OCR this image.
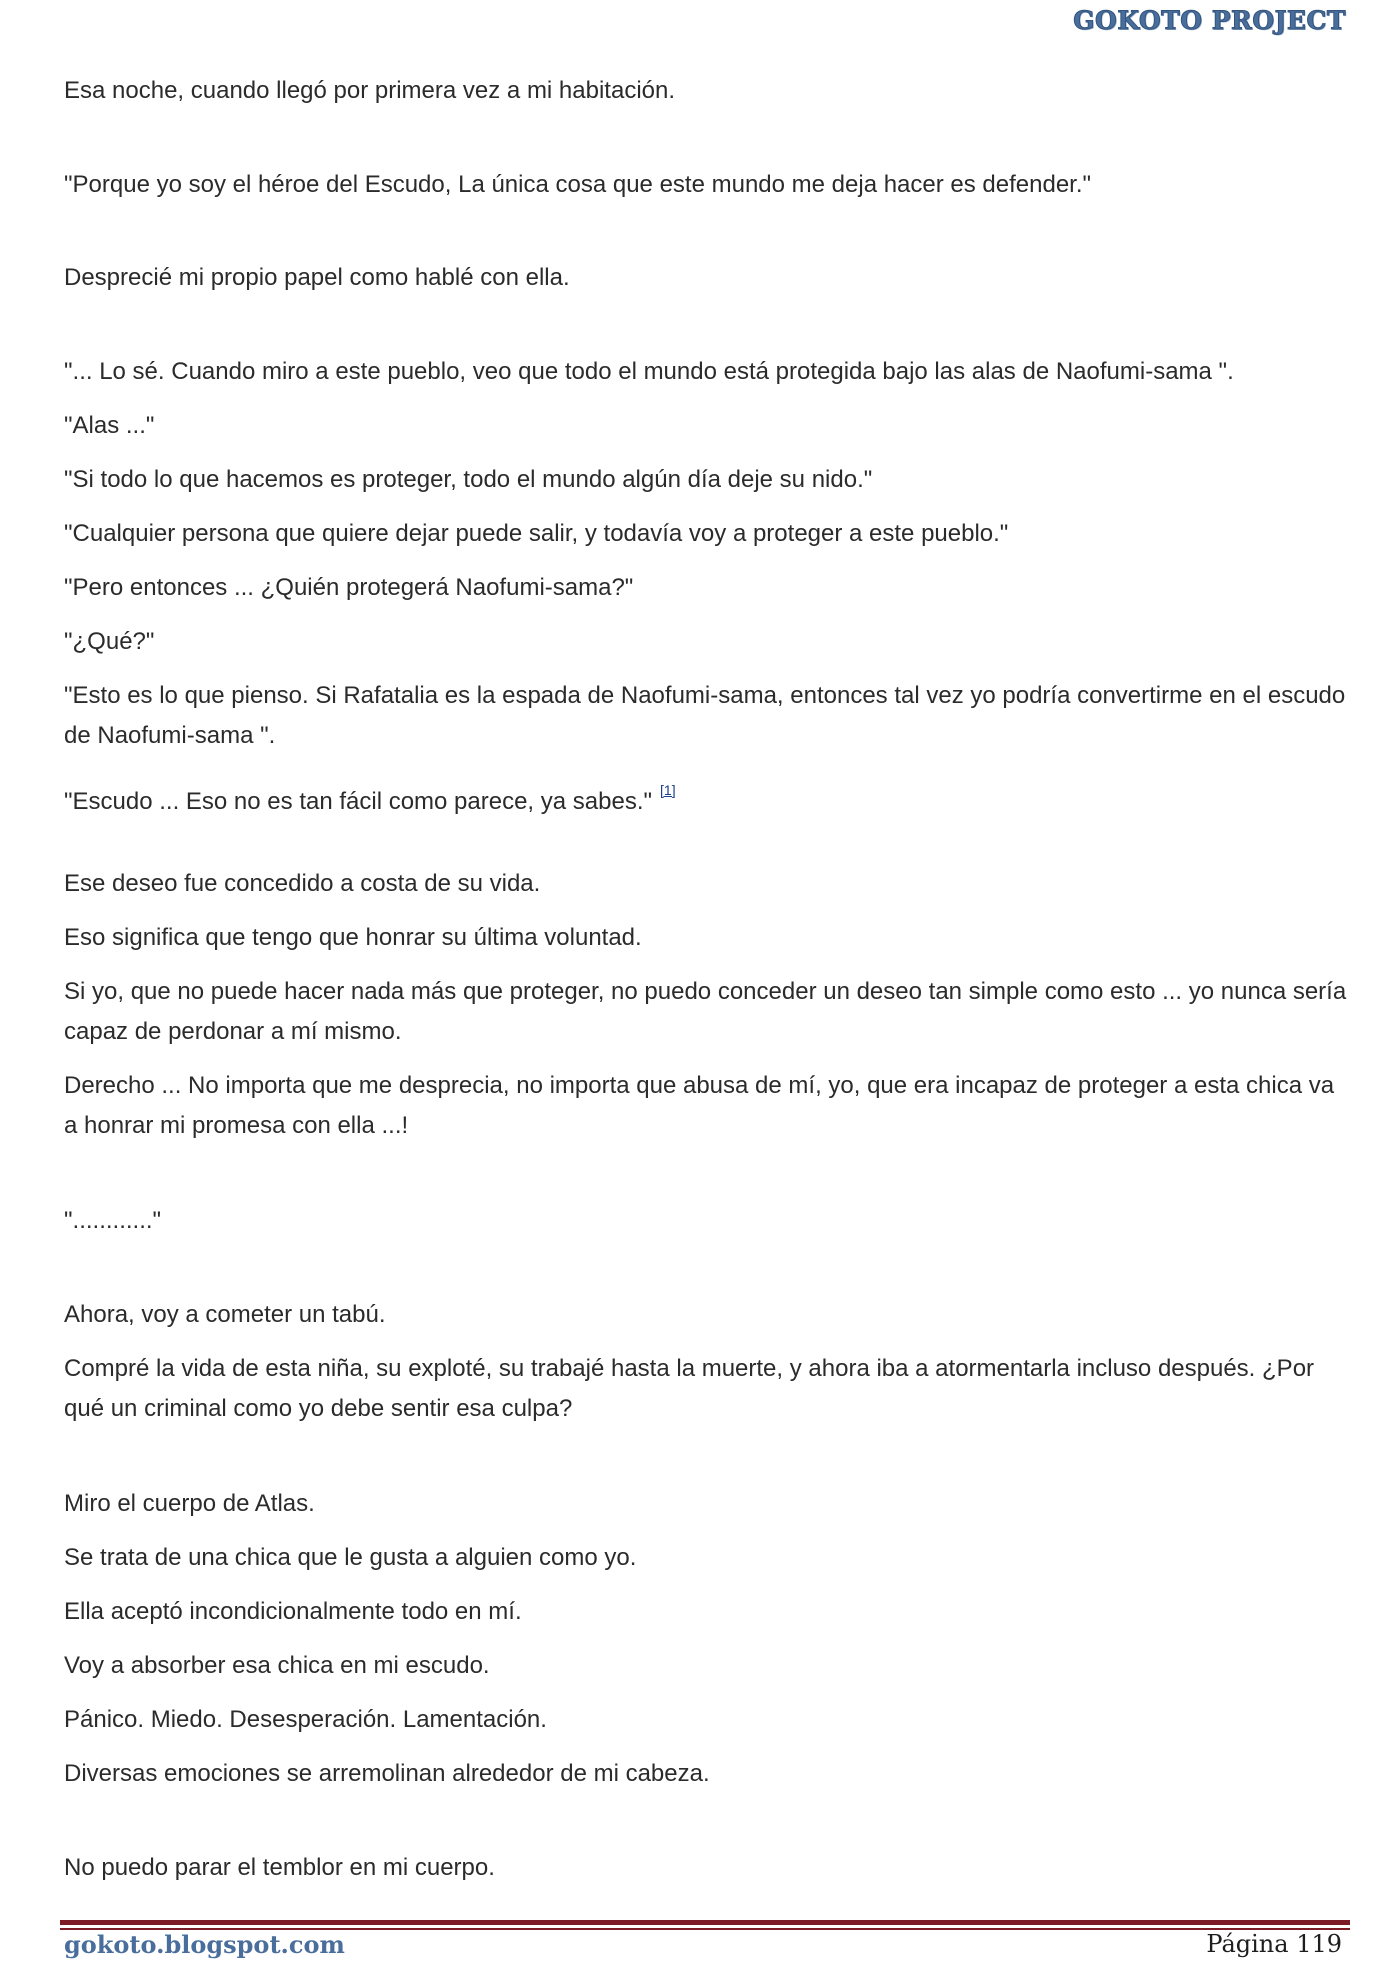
GOKOTO PROJECT

Esa noche, cuando llegó por primera vez a mi habitación.

"Porque yo soy el héroe del Escudo, La única cosa que este mundo me deja hacer es defender."

Desprecié mi propio papel como hablé con ella.

"... Lo sé. Cuando miro a este pueblo, veo que todo el mundo está protegida bajo las alas de Naofumi-sama ".

"Alas ..."

"Si todo lo que hacemos es proteger, todo el mundo algún día deje su nido."

"Cualquier persona que quiere dejar puede salir, y todavía voy a proteger a este pueblo."

"Pero entonces ... ¿Quién protegerá Naofumi-sama?"

"¿Qué?"

"Esto es lo que pienso. Si Rafatalia es la espada de Naofumi-sama, entonces tal vez yo podría convertirme en el escudo de Naofumi-sama ".

"Escudo ... Eso no es tan fácil como parece, ya sabes." [1]

Ese deseo fue concedido a costa de su vida.

Eso significa que tengo que honrar su última voluntad.

Si yo, que no puede hacer nada más que proteger, no puedo conceder un deseo tan simple como esto ... yo nunca sería capaz de perdonar a mí mismo.

Derecho ... No importa que me desprecia, no importa que abusa de mí, yo, que era incapaz de proteger a esta chica va a honrar mi promesa con ella ...!

"............"

Ahora, voy a cometer un tabú.

Compré la vida de esta niña, su exploté, su trabajé hasta la muerte, y ahora iba a atormentarla incluso después. ¿Por qué un criminal como yo debe sentir esa culpa?

Miro el cuerpo de Atlas.

Se trata de una chica que le gusta a alguien como yo.

Ella aceptó incondicionalmente todo en mí.

Voy a absorber esa chica en mi escudo.

Pánico. Miedo. Desesperación. Lamentación.

Diversas emociones se arremolinan alrededor de mi cabeza.

No puedo parar el temblor en mi cuerpo.

gokoto.blogspot.com	Página 119
